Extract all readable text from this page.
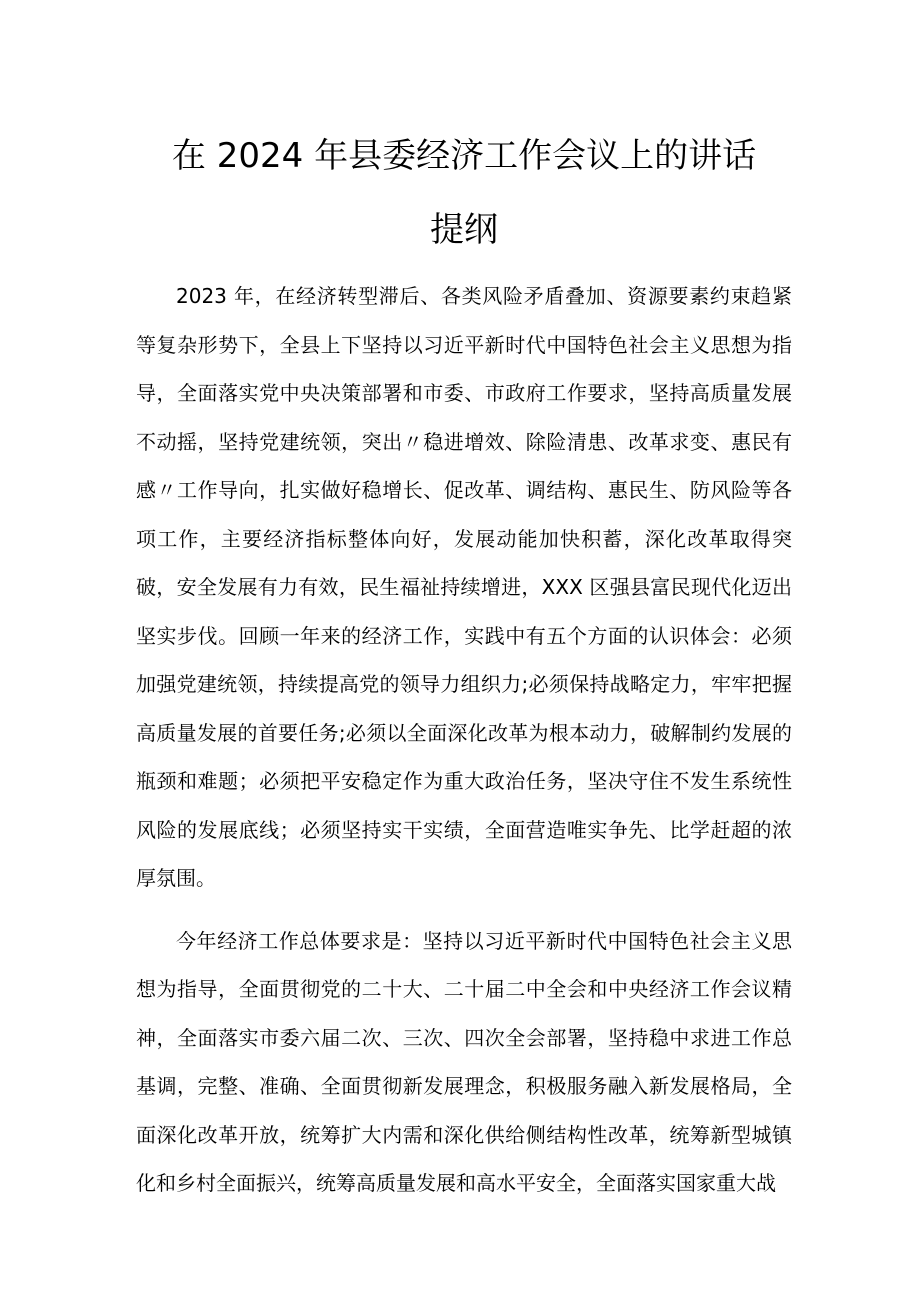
在 2024 年县委经济工作会议上的讲话
提纲

2023 年，在经济转型滞后、各类风险矛盾叠加、资源要素约束趋紧等复杂形势下，全县上下坚持以习近平新时代中国特色社会主义思想为指导，全面落实党中央决策部署和市委、市政府工作要求，坚持高质量发展不动摇，坚持党建统领，突出〃稳进增效、除险清患、改革求变、惠民有感〃工作导向，扎实做好稳增长、促改革、调结构、惠民生、防风险等各项工作，主要经济指标整体向好，发展动能加快积蓄，深化改革取得突破，安全发展有力有效，民生福祉持续增进，XXX 区强县富民现代化迈出坚实步伐。回顾一年来的经济工作，实践中有五个方面的认识体会：必须加强党建统领，持续提高党的领导力组织力;必须保持战略定力，牢牢把握高质量发展的首要任务;必须以全面深化改革为根本动力，破解制约发展的瓶颈和难题；必须把平安稳定作为重大政治任务，坚决守住不发生系统性风险的发展底线；必须坚持实干实绩，全面营造唯实争先、比学赶超的浓厚氛围。

今年经济工作总体要求是：坚持以习近平新时代中国特色社会主义思想为指导，全面贯彻党的二十大、二十届二中全会和中央经济工作会议精神，全面落实市委六届二次、三次、四次全会部署，坚持稳中求进工作总基调，完整、准确、全面贯彻新发展理念，积极服务融入新发展格局，全面深化改革开放，统筹扩大内需和深化供给侧结构性改革，统筹新型城镇化和乡村全面振兴，统筹高质量发展和高水平安全，全面落实国家重大战
